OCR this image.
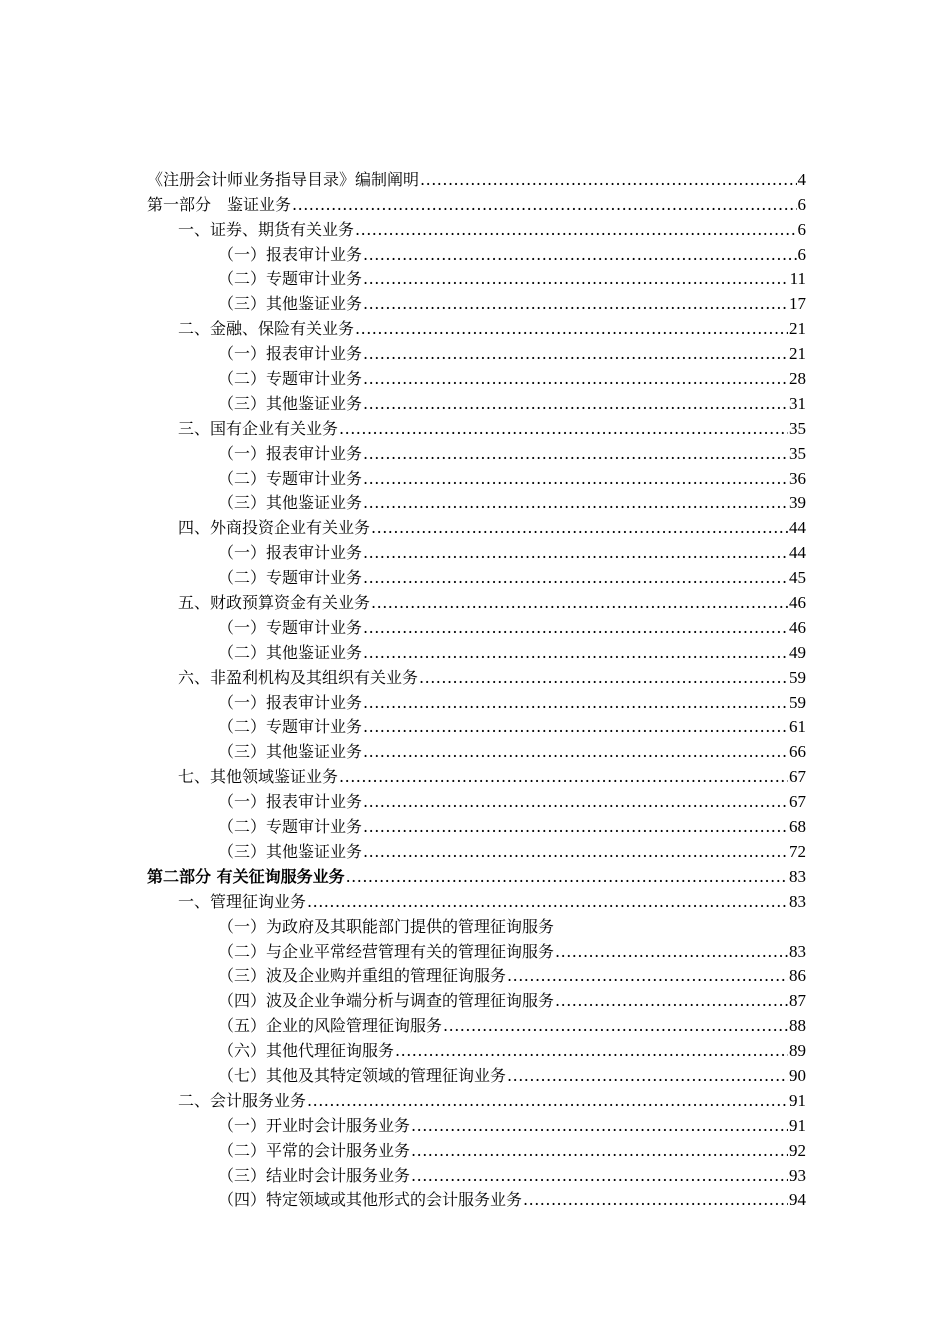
《注册会计师业务指导目录》编制阐明 .....	4
第一部分　鉴证业务 .....	6
一、证券、期货有关业务 .....	6
（一）报表审计业务 .....	6
（二）专题审计业务 .....	11
（三）其他鉴证业务 .....	17
二、金融、保险有关业务 .....	21
（一）报表审计业务 .....	21
（二）专题审计业务 .....	28
（三）其他鉴证业务 .....	31
三、国有企业有关业务 .....	35
（一）报表审计业务 .....	35
（二）专题审计业务 .....	36
（三）其他鉴证业务 .....	39
四、外商投资企业有关业务 .....	44
（一）报表审计业务 .....	44
（二）专题审计业务 .....	45
五、财政预算资金有关业务 .....	46
（一）专题审计业务 .....	46
（二）其他鉴证业务 .....	49
六、非盈利机构及其组织有关业务 .....	59
（一）报表审计业务 .....	59
（二）专题审计业务 .....	61
（三）其他鉴证业务 .....	66
七、其他领域鉴证业务 .....	67
（一）报表审计业务 .....	67
（二）专题审计业务 .....	68
（三）其他鉴证业务 .....	72
第二部分 有关征询服务业务 .....	83
一、管理征询业务 .....	83
（一）为政府及其职能部门提供的管理征询服务
（二）与企业平常经营管理有关的管理征询服务 .....	83
（三）波及企业购并重组的管理征询服务 .....	86
（四）波及企业争端分析与调查的管理征询服务 .....	87
（五）企业的风险管理征询服务 .....	88
（六）其他代理征询服务 .....	89
（七）其他及其特定领域的管理征询业务 .....	90
二、会计服务业务 .....	91
（一）开业时会计服务业务 .....	91
（二）平常的会计服务业务 .....	92
（三）结业时会计服务业务 .....	93
（四）特定领域或其他形式的会计服务业务 .....	94
